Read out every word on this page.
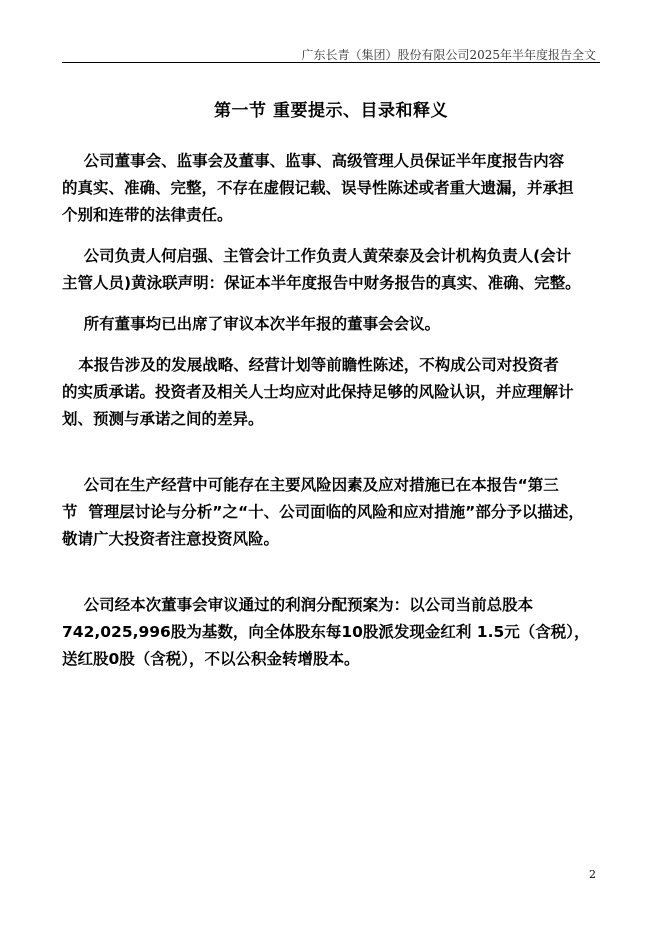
广东长青（集团）股份有限公司2025年半年度报告全文
第一节 重要提示、目录和释义
公司董事会、监事会及董事、监事、高级管理人员保证半年度报告内容
的真实、准确、完整，不存在虚假记载、误导性陈述或者重大遗漏，并承担
个别和连带的法律责任。
公司负责人何启强、主管会计工作负责人黄荣泰及会计机构负责人(会计
主管人员)黄泳联声明：保证本半年度报告中财务报告的真实、准确、完整。
所有董事均已出席了审议本次半年报的董事会会议。
本报告涉及的发展战略、经营计划等前瞻性陈述，不构成公司对投资者
的实质承诺。投资者及相关人士均应对此保持足够的风险认识，并应理解计
划、预测与承诺之间的差异。
公司在生产经营中可能存在主要风险因素及应对措施已在本报告“第三
节  管理层讨论与分析”之“十、公司面临的风险和应对措施”部分予以描述，
敬请广大投资者注意投资风险。
公司经本次董事会审议通过的利润分配预案为：以公司当前总股本
742,025,996股为基数，向全体股东每10股派发现金红利 1.5元（含税），
送红股0股（含税），不以公积金转增股本。
2
